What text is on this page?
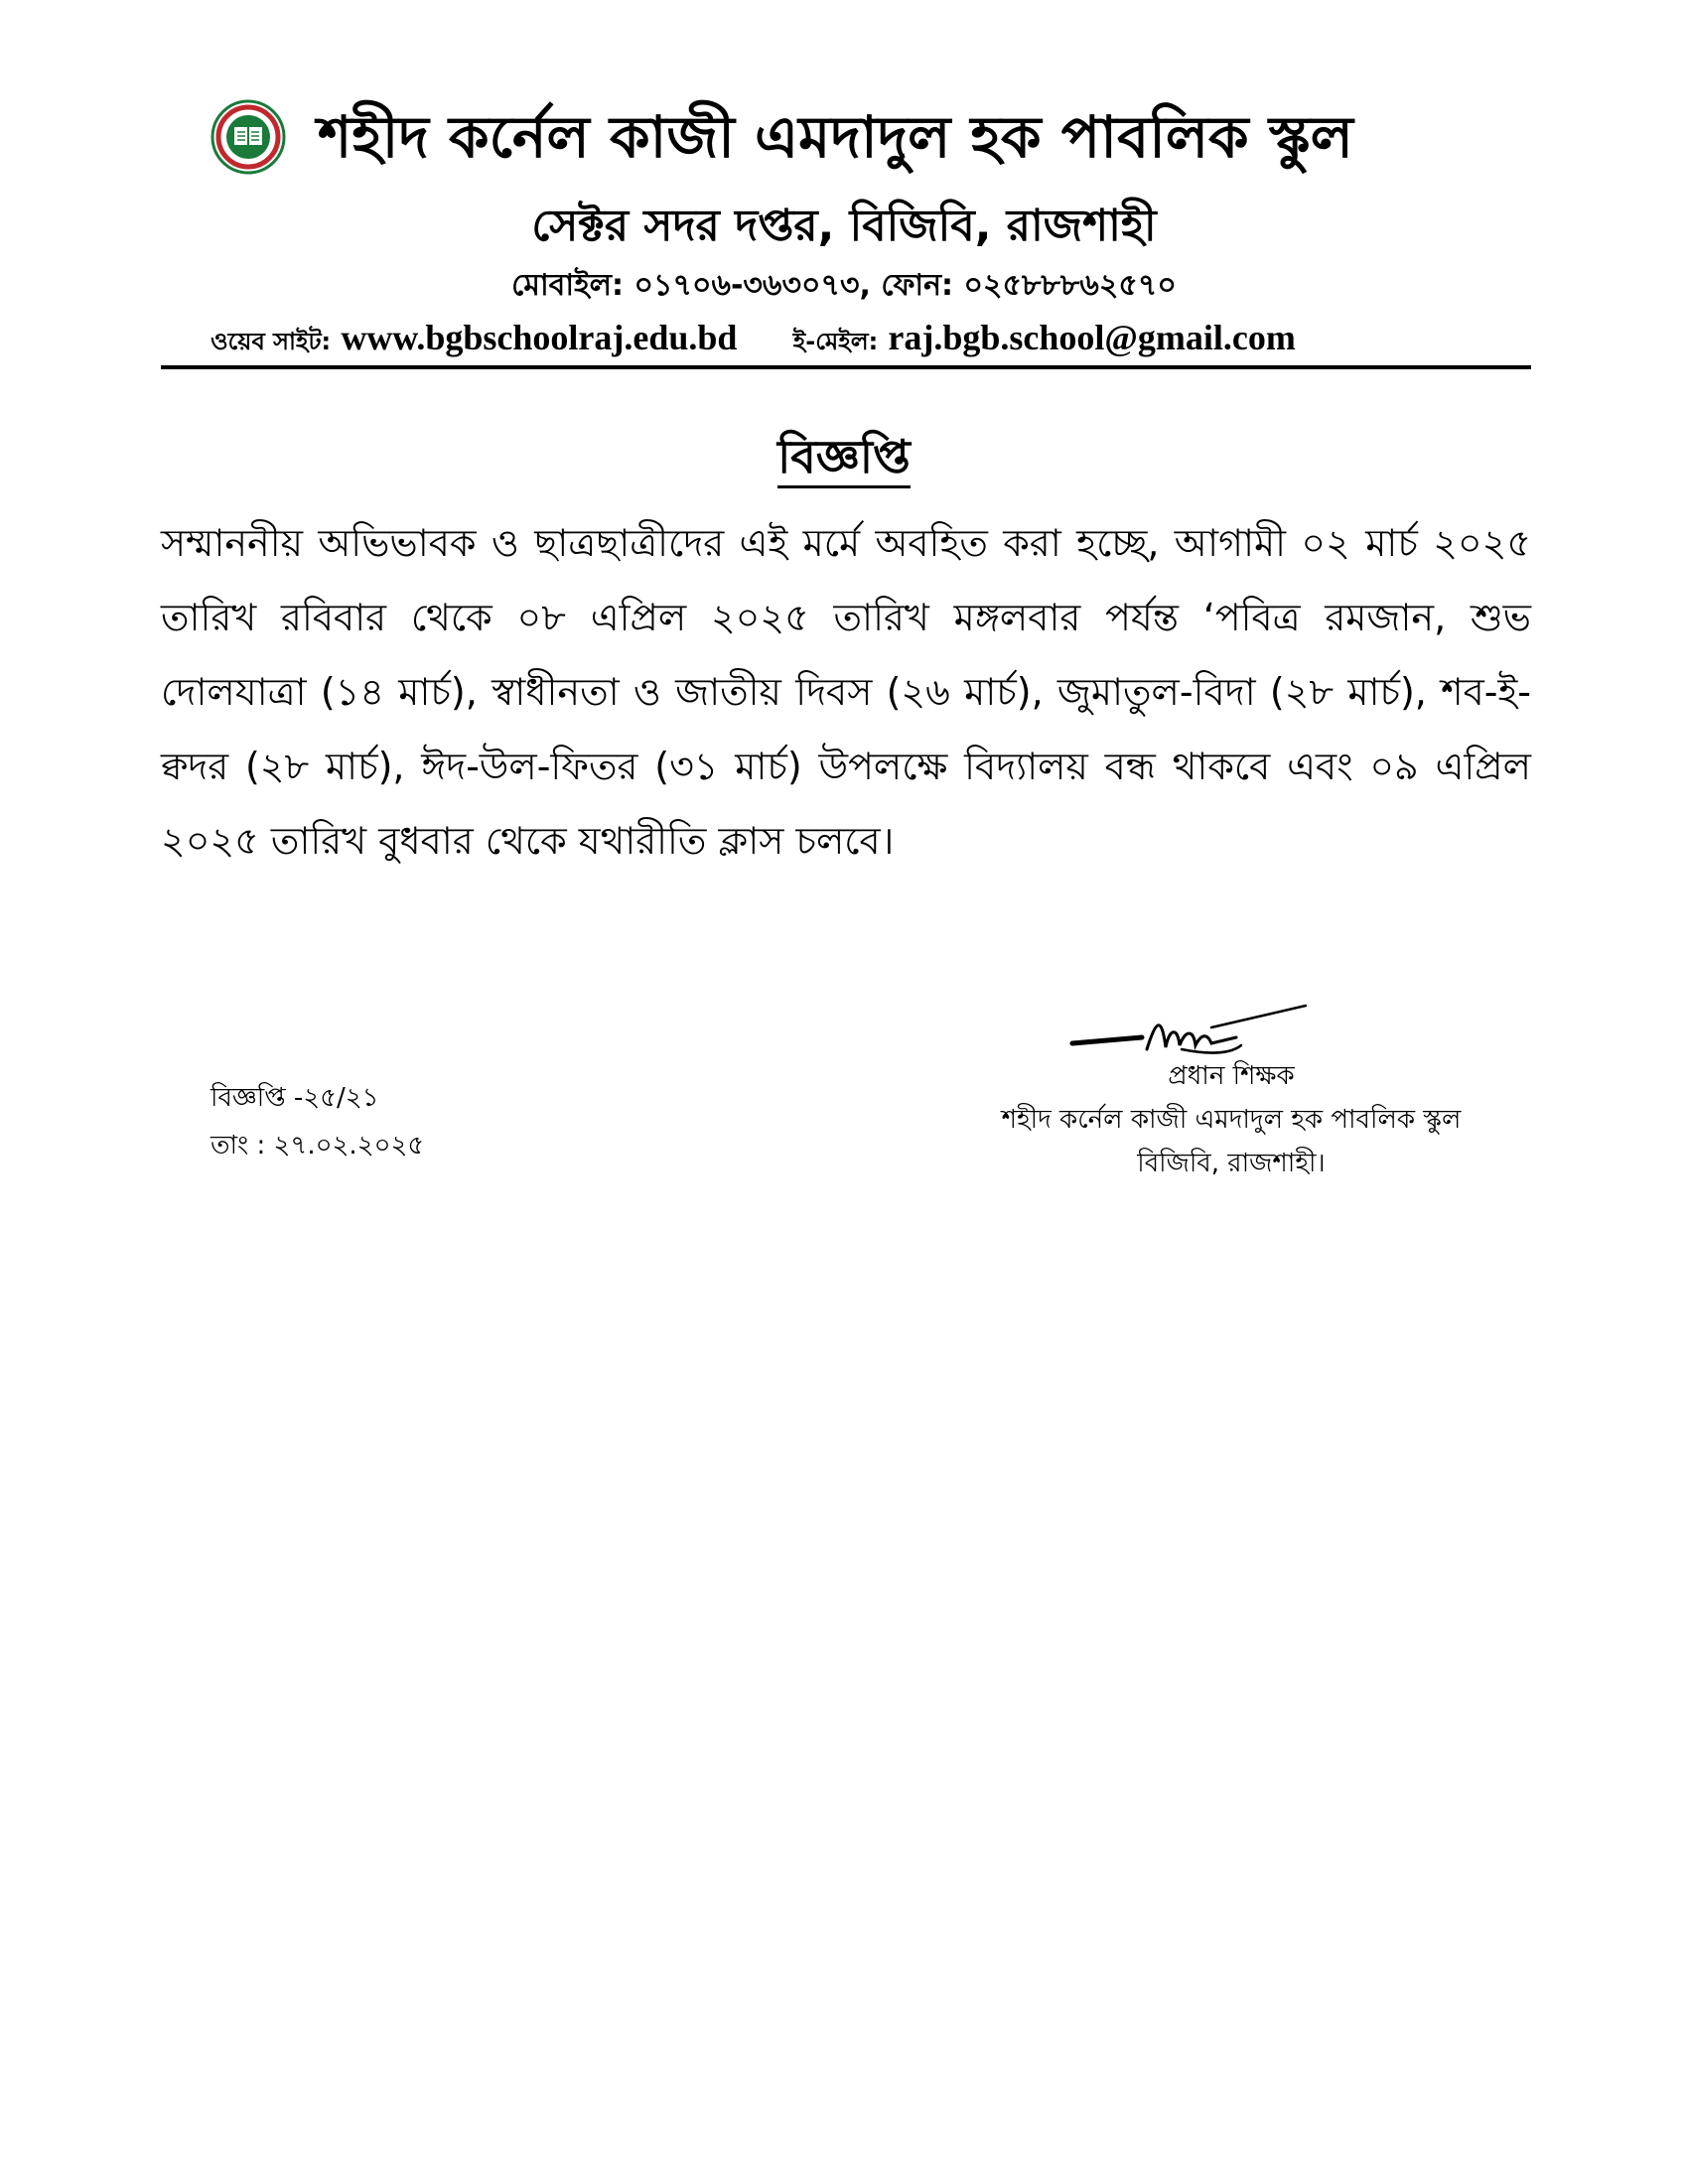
শহীদ কর্নেল কাজী এমদাদুল হক পাবলিক স্কুল
সেক্টর সদর দপ্তর, বিজিবি, রাজশাহী
মোবাইল: ০১৭০৬-৩৬৩০৭৩, ফোন: ০২৫৮৮৮৬২৫৭০
ওয়েব সাইট: www.bgbschoolraj.edu.bd ই-মেইল: raj.bgb.school@gmail.com
বিজ্ঞপ্তি
সম্মাননীয় অভিভাবক ও ছাত্রছাত্রীদের এই মর্মে অবহিত করা হচ্ছে, আগামী ০২ মার্চ ২০২৫ তারিখ রবিবার থেকে ০৮ এপ্রিল ২০২৫ তারিখ মঙ্গলবার পর্যন্ত ‘পবিত্র রমজান, শুভ দোলযাত্রা (১৪ মার্চ), স্বাধীনতা ও জাতীয় দিবস (২৬ মার্চ), জুমাতুল-বিদা (২৮ মার্চ), শব-ই-ক্বদর (২৮ মার্চ), ঈদ-উল-ফিতর (৩১ মার্চ) উপলক্ষে বিদ্যালয় বন্ধ থাকবে এবং ০৯ এপ্রিল ২০২৫ তারিখ বুধবার থেকে যথারীতি ক্লাস চলবে।
বিজ্ঞপ্তি -২৫/২১
তাং : ২৭.০২.২০২৫
প্রধান শিক্ষক
শহীদ কর্নেল কাজী এমদাদুল হক পাবলিক স্কুল
বিজিবি, রাজশাহী।
